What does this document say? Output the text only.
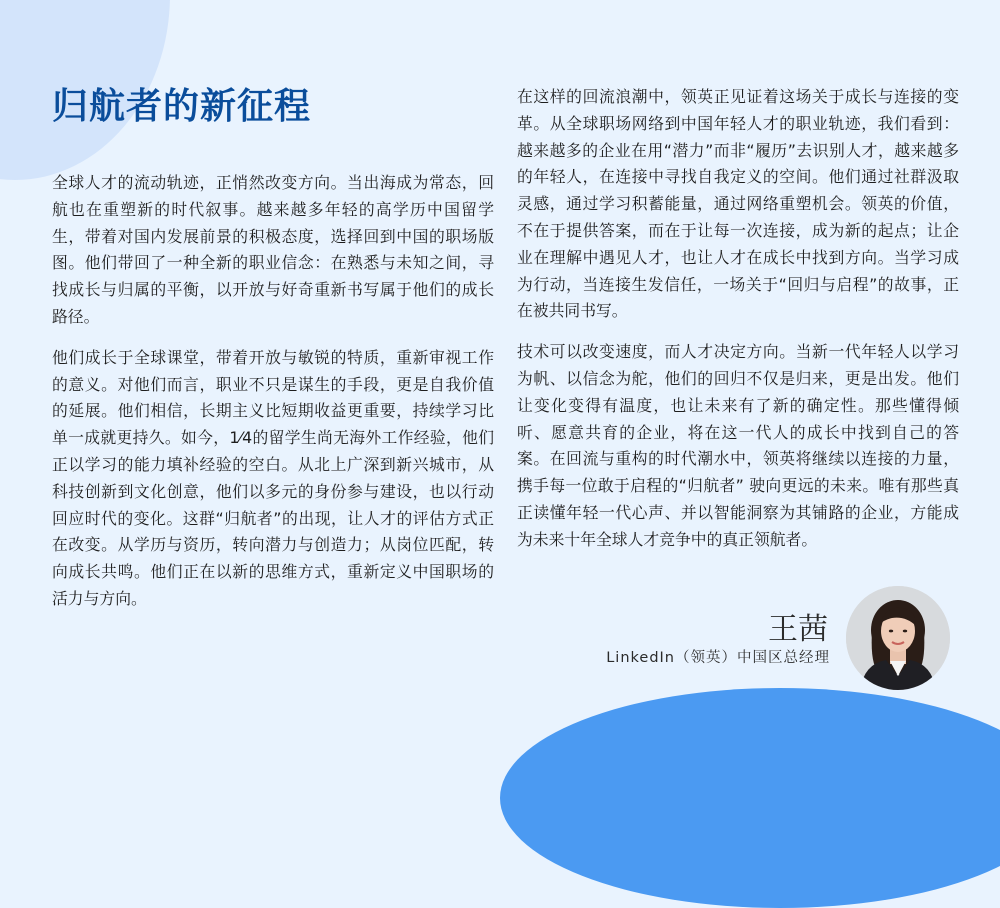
归航者的新征程

全球人才的流动轨迹，正悄然改变方向。当出海成为常态，回航也在重塑新的时代叙事。越来越多年轻的高学历中国留学生，带着对国内发展前景的积极态度，选择回到中国的职场版图。他们带回了一种全新的职业信念：在熟悉与未知之间，寻找成长与归属的平衡，以开放与好奇重新书写属于他们的成长路径。

他们成长于全球课堂，带着开放与敏锐的特质，重新审视工作的意义。对他们而言，职业不只是谋生的手段，更是自我价值的延展。他们相信，长期主义比短期收益更重要，持续学习比单一成就更持久。如今，1⁄4的留学生尚无海外工作经验，他们正以学习的能力填补经验的空白。从北上广深到新兴城市，从科技创新到文化创意，他们以多元的身份参与建设，也以行动回应时代的变化。这群“归航者”的出现，让人才的评估方式正在改变。从学历与资历，转向潜力与创造力；从岗位匹配，转向成长共鸣。他们正在以新的思维方式，重新定义中国职场的活力与方向。

在这样的回流浪潮中，领英正见证着这场关于成长与连接的变革。从全球职场网络到中国年轻人才的职业轨迹，我们看到：越来越多的企业在用“潜力”而非“履历”去识别人才，越来越多的年轻人，在连接中寻找自我定义的空间。他们通过社群汲取灵感，通过学习积蓄能量，通过网络重塑机会。领英的价值，不在于提供答案，而在于让每一次连接，成为新的起点；让企业在理解中遇见人才，也让人才在成长中找到方向。当学习成为行动，当连接生发信任，一场关于“回归与启程”的故事，正在被共同书写。

技术可以改变速度，而人才决定方向。当新一代年轻人以学习为帆、以信念为舵，他们的回归不仅是归来，更是出发。他们让变化变得有温度，也让未来有了新的确定性。那些懂得倾听、愿意共育的企业，将在这一代人的成长中找到自己的答案。在回流与重构的时代潮水中，领英将继续以连接的力量，携手每一位敢于启程的“归航者” 驶向更远的未来。唯有那些真正读懂年轻一代心声、并以智能洞察为其铺路的企业，方能成为未来十年全球人才竞争中的真正领航者。

王茜
LinkedIn（领英）中国区总经理
